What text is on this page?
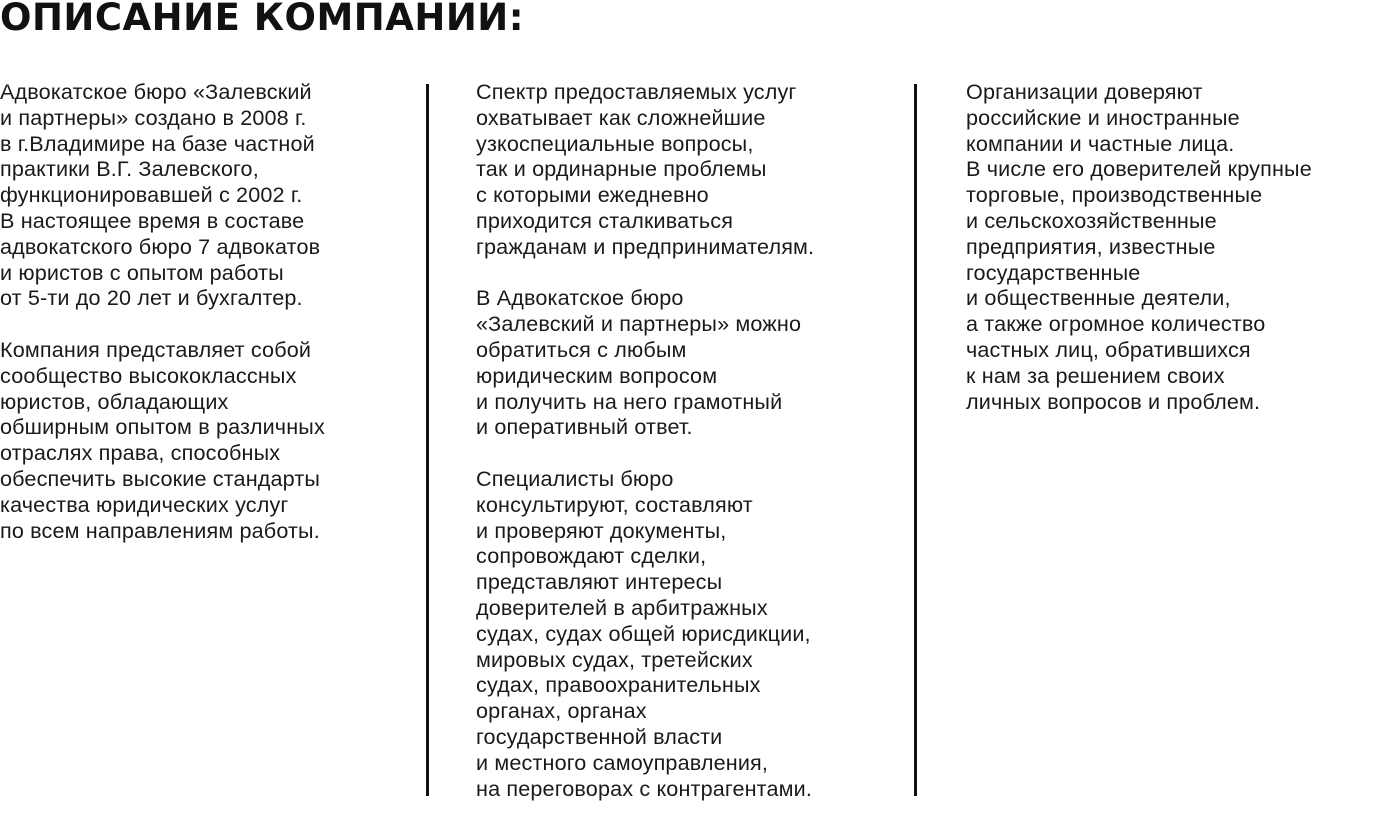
ОПИСАНИЕ КОМПАНИИ:

Адвокатское бюро «Залевский
и партнеры» создано в 2008 г.
в г.Владимире на базе частной
практики В.Г. Залевского,
функционировавшей с 2002 г.
В настоящее время в составе
адвокатского бюро 7 адвокатов
и юристов с опытом работы
от 5-ти до 20 лет и бухгалтер.

Компания представляет собой
сообщество высококлассных
юристов, обладающих
обширным опытом в различных
отраслях права, способных
обеспечить высокие стандарты
качества юридических услуг
по всем направлениям работы.

Спектр предоставляемых услуг
охватывает как сложнейшие
узкоспециальные вопросы,
так и ординарные проблемы
с которыми ежедневно
приходится сталкиваться
гражданам и предпринимателям.

В Адвокатское бюро
«Залевский и партнеры» можно
обратиться с любым
юридическим вопросом
и получить на него грамотный
и оперативный ответ.

Специалисты бюро
консультируют, составляют
и проверяют документы,
сопровождают сделки,
представляют интересы
доверителей в арбитражных
судах, судах общей юрисдикции,
мировых судах, третейских
судах, правоохранительных
органах, органах
государственной власти
и местного самоуправления,
на переговорах с контрагентами.

Организации доверяют
российские и иностранные
компании и частные лица.
В числе его доверителей крупные
торговые, производственные
и сельскохозяйственные
предприятия, известные
государственные
и общественные деятели,
а также огромное количество
частных лиц, обратившихся
к нам за решением своих
личных вопросов и проблем.
